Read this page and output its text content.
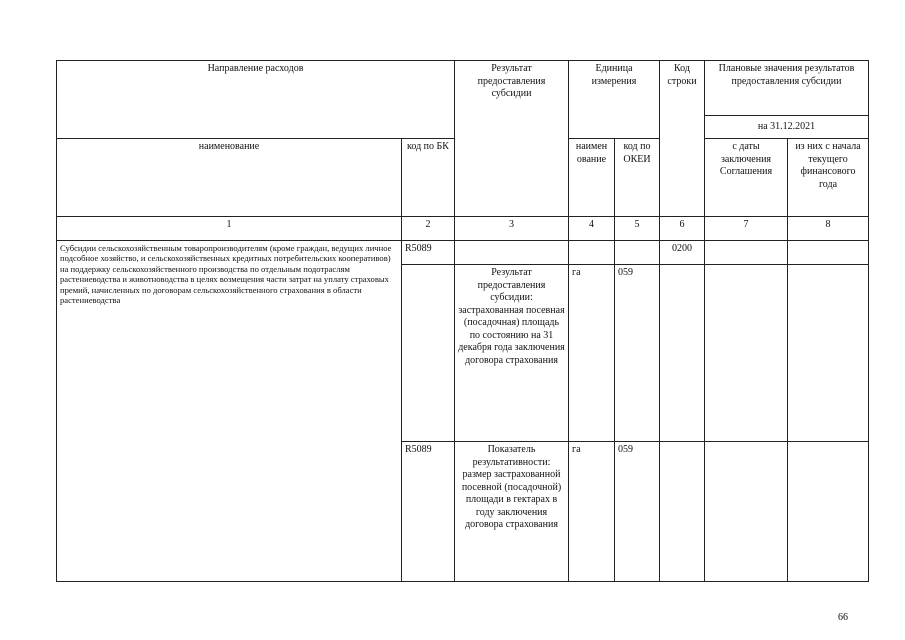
Направление расходов		Результат предоставления субсидии	Единица измерения		Код строки	Плановые значения результатов предоставления субсидии	
						на 31.12.2021	
наименование	код по БК		наимен ование	код по ОКЕИ		с даты заключения Соглашения	из них с начала текущего финансового года
1	2	3	4	5	6	7	8
Субсидии сельскохозяйственным товаропроизводителям (кроме граждан, ведущих личное подсобное хозяйство, и сельскохозяйственных кредитных потребительских кооперативов) на поддержку сельскохозяйственного производства по отдельным подотраслям растениеводства и животноводства в целях возмещения части затрат на уплату страховых премий, начисленных по договорам сельскохозяйственного страхования в области растениеводства	R5089				0200		
		Результат предоставления субсидии: застрахованная посевная (посадочная) площадь по состоянию на 31 декабря года заключения договора страхования	га	059			
	R5089	Показатель результативности: размер застрахованной посевной (посадочной) площади в гектарах в году заключения договора страхования	га	059			
66
